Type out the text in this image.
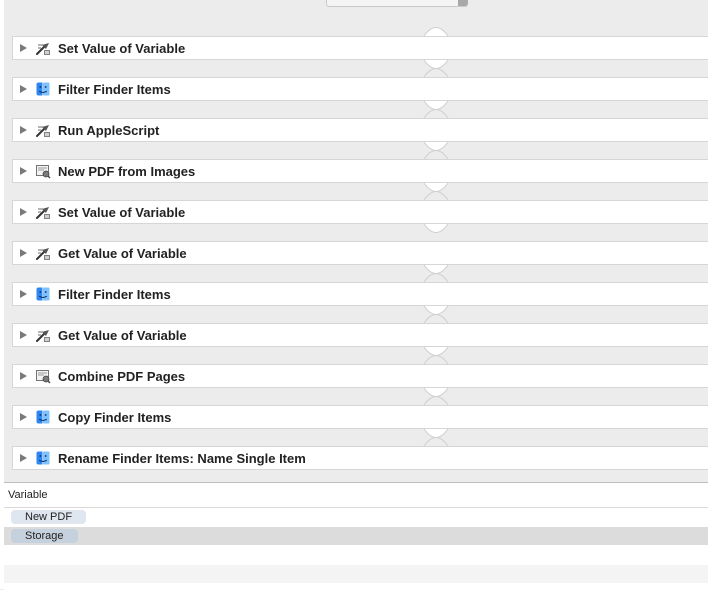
Set Value of Variable
Filter Finder Items
Run AppleScript
New PDF from Images
Set Value of Variable
Get Value of Variable
Filter Finder Items
Get Value of Variable
Combine PDF Pages
Copy Finder Items
Rename Finder Items: Name Single Item
Variable
New PDF
Storage
